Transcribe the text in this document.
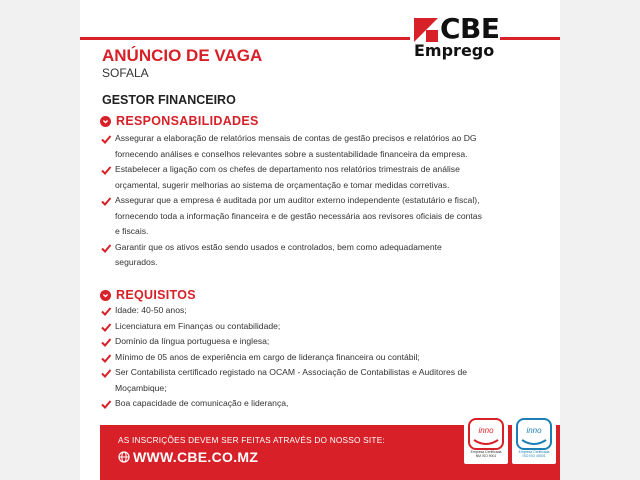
CBE
Emprego
ANÚNCIO DE VAGA
SOFALA
GESTOR FINANCEIRO
RESPONSABILIDADES
Assegurar a elaboração de relatórios mensais de contas de gestão precisos e relatórios ao DG
fornecendo análises e conselhos relevantes sobre a sustentabilidade financeira da empresa.
Estabelecer a ligação com os chefes de departamento nos relatórios trimestrais de análise
orçamental, sugerir melhorias ao sistema de orçamentação e tomar medidas corretivas.
Assegurar que a empresa é auditada por um auditor externo independente (estatutário e fiscal),
fornecendo toda a informação financeira e de gestão necessária aos revisores oficiais de contas
e fiscais.
Garantir que os ativos estão sendo usados e controlados, bem como adequadamente
segurados.
REQUISITOS
Idade: 40-50 anos;
Licenciatura em Finanças ou contabilidade;
Domínio da língua portuguesa e inglesa;
Mínimo de 05 anos de experiência em cargo de liderança financeira ou contábil;
Ser Contabilista certificado registado na OCAM - Associação de Contabilistas e Auditores de
Moçambique;
Boa capacidade de comunicação e liderança,
AS INSCRIÇÕES DEVEM SER FEITAS ATRAVÉS DO NOSSO SITE:
WWW.CBE.CO.MZ
inno
Empresa Certificada
NM ISO 9001
inno
Empresa Certificada
ISO ISO 45001
